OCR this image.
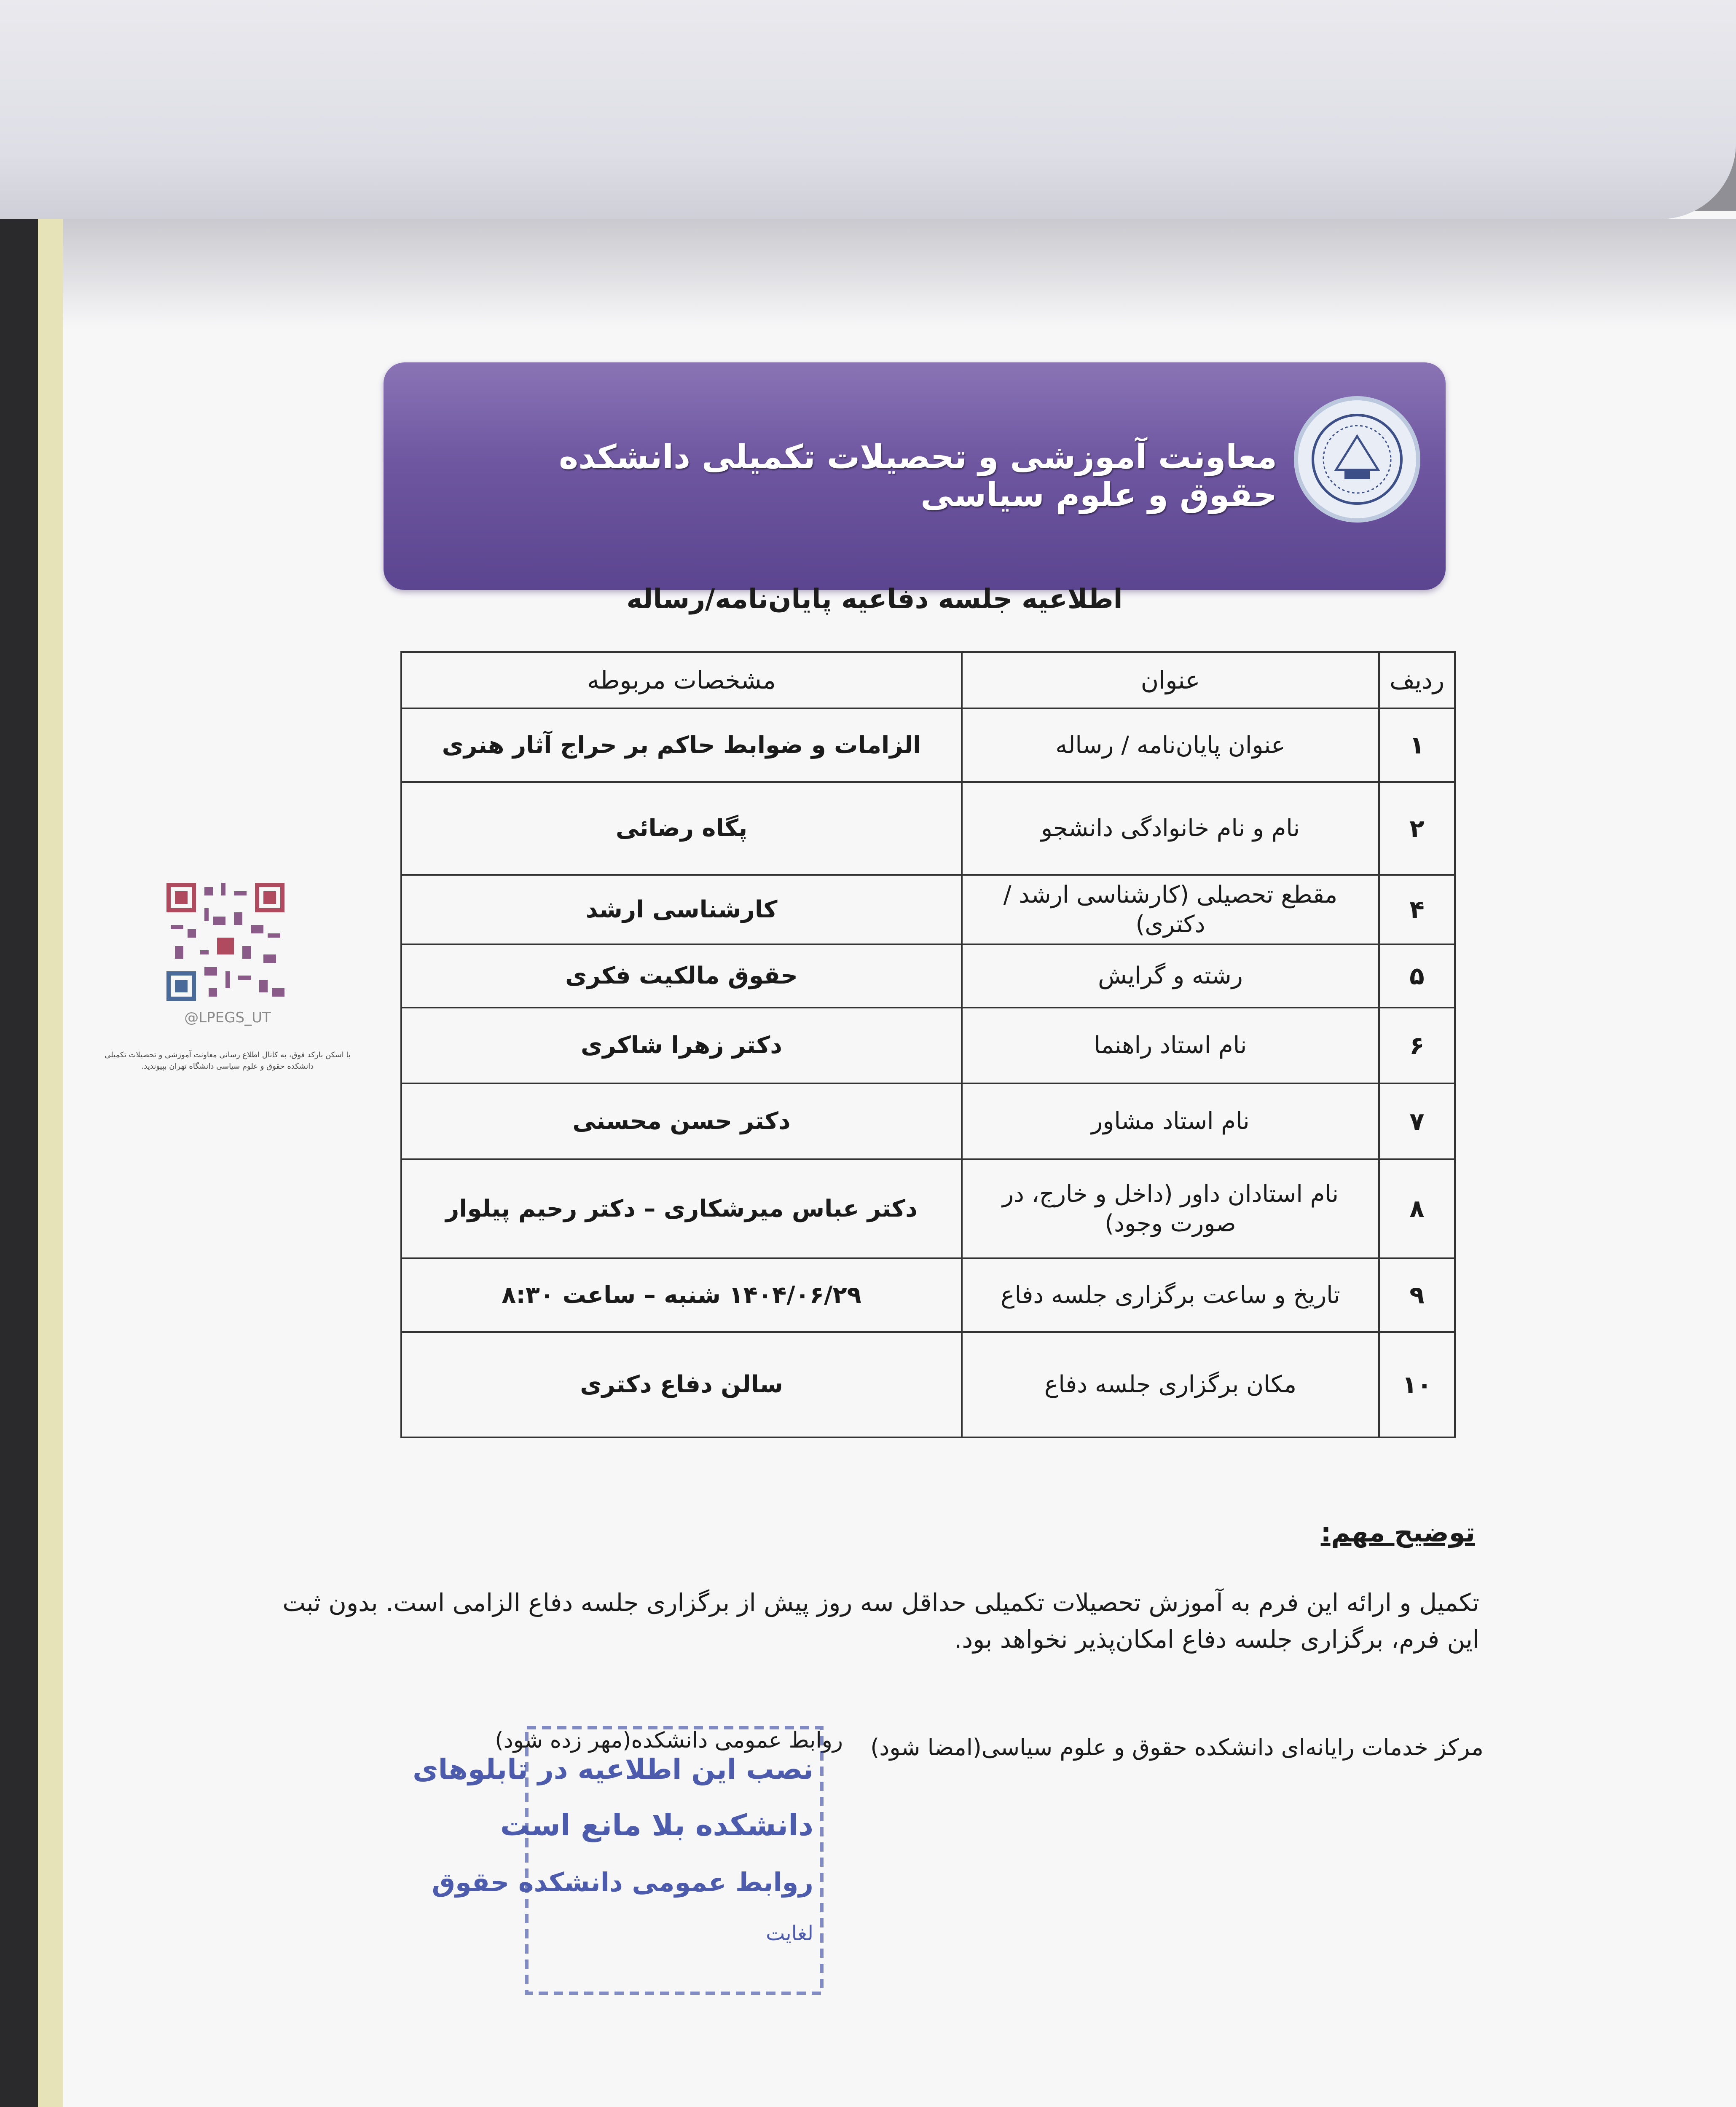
معاونت آموزشی و تحصیلات تکمیلی دانشکده حقوق و علوم سیاسی
اطلاعیه جلسه دفاعیه پایان‌نامه/رساله
ردیف	عنوان	مشخصات مربوطه
۱	عنوان پایان‌نامه / رساله	الزامات و ضوابط حاکم بر حراج آثار هنری
۲	نام و نام خانوادگی دانشجو	پگاه رضائی
۴	مقطع تحصیلی (کارشناسی ارشد / دکتری)	کارشناسی ارشد
۵	رشته و گرایش	حقوق مالکیت فکری
۶	نام استاد راهنما	دکتر زهرا شاکری
۷	نام استاد مشاور	دکتر حسن محسنی
۸	نام استادان داور (داخل و خارج، در صورت وجود)	دکتر عباس میرشکاری – دکتر رحیم پیلوار
۹	تاریخ و ساعت برگزاری جلسه دفاع	۱۴۰۴/۰۶/۲۹ شنبه – ساعت ۸:۳۰
۱۰	مکان برگزاری جلسه دفاع	سالن دفاع دکتری
توضیح مهم:
تکمیل و ارائه این فرم به آموزش تحصیلات تکمیلی حداقل سه روز پیش از برگزاری جلسه دفاع الزامی است. بدون ثبت این فرم، برگزاری جلسه دفاع امکان‌پذیر نخواهد بود.
مرکز خدمات رایانه‌ای دانشکده حقوق و علوم سیاسی(امضا شود)
روابط عمومی دانشکده(مهر زده شود)
نصب این اطلاعیه در تابلوهای
دانشکده بلا مانع است
روابط عمومی دانشکده حقوق
لغایت
@LPEGS_UT
با اسکن بارکد فوق، به کانال اطلاع رسانی معاونت آموزشی و تحصیلات تکمیلی دانشکده حقوق و علوم سیاسی دانشگاه تهران بپیوندید.
